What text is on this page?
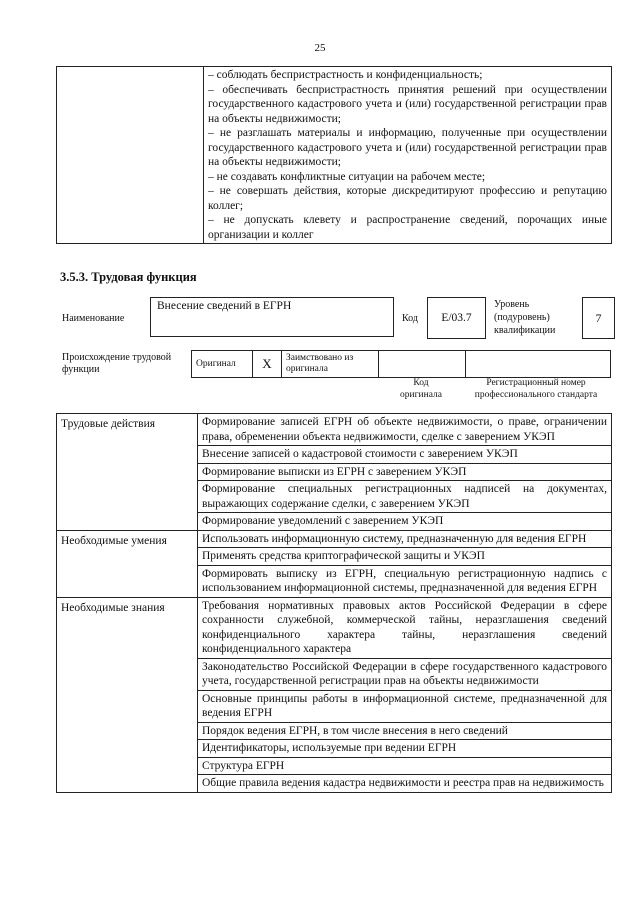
25

– соблюдать беспристрастность и конфиденциальность;

– обеспечивать беспристрастность принятия решений при осуществлении государственного кадастрового учета и (или) государственной регистрации прав на объекты недвижимости;

– не разглашать материалы и информацию, полученные при осуществлении государственного кадастрового учета и (или) государственной регистрации прав на объекты недвижимости;

– не создавать конфликтные ситуации на рабочем месте;

– не совершать действия, которые дискредитируют профессию и репутацию коллег;

– не допускать клевету и распространение сведений, порочащих иные организации и коллег

3.5.3. Трудовая функция
Наименование
Внесение сведений в ЕГРН
Код	E/03.7
Уровень (подуровень) квалификации
7
Происхождение трудовой функции	Оригинал	X	Заимствовано из оригинала		
Код оригинала
Регистрационный номер профессионального стандарта
Трудовые действия	Формирование записей ЕГРН об объекте недвижимости, о праве, ограничении права, обременении объекта недвижимости, сделке с заверением УКЭП
	Внесение записей о кадастровой стоимости с заверением УКЭП
	Формирование выписки из ЕГРН с заверением УКЭП
	Формирование специальных регистрационных надписей на документах, выражающих содержание сделки, с заверением УКЭП
	Формирование уведомлений с заверением УКЭП
Необходимые умения	Использовать информационную систему, предназначенную для ведения ЕГРН
	Применять средства криптографической защиты и УКЭП
	Формировать выписку из ЕГРН, специальную регистрационную надпись с использованием информационной системы, предназначенной для ведения ЕГРН
Необходимые знания	Требования нормативных правовых актов Российской Федерации в сфере сохранности служебной, коммерческой тайны, неразглашения сведений конфиденциального характера тайны, неразглашения сведений конфиденциального характера
	Законодательство Российской Федерации в сфере государственного кадастрового учета, государственной регистрации прав на объекты недвижимости
	Основные принципы работы в информационной системе, предназначенной для ведения ЕГРН
	Порядок ведения ЕГРН, в том числе внесения в него сведений
	Идентификаторы, используемые при ведении ЕГРН
	Структура ЕГРН
	Общие правила ведения кадастра недвижимости и реестра прав на недвижимость
